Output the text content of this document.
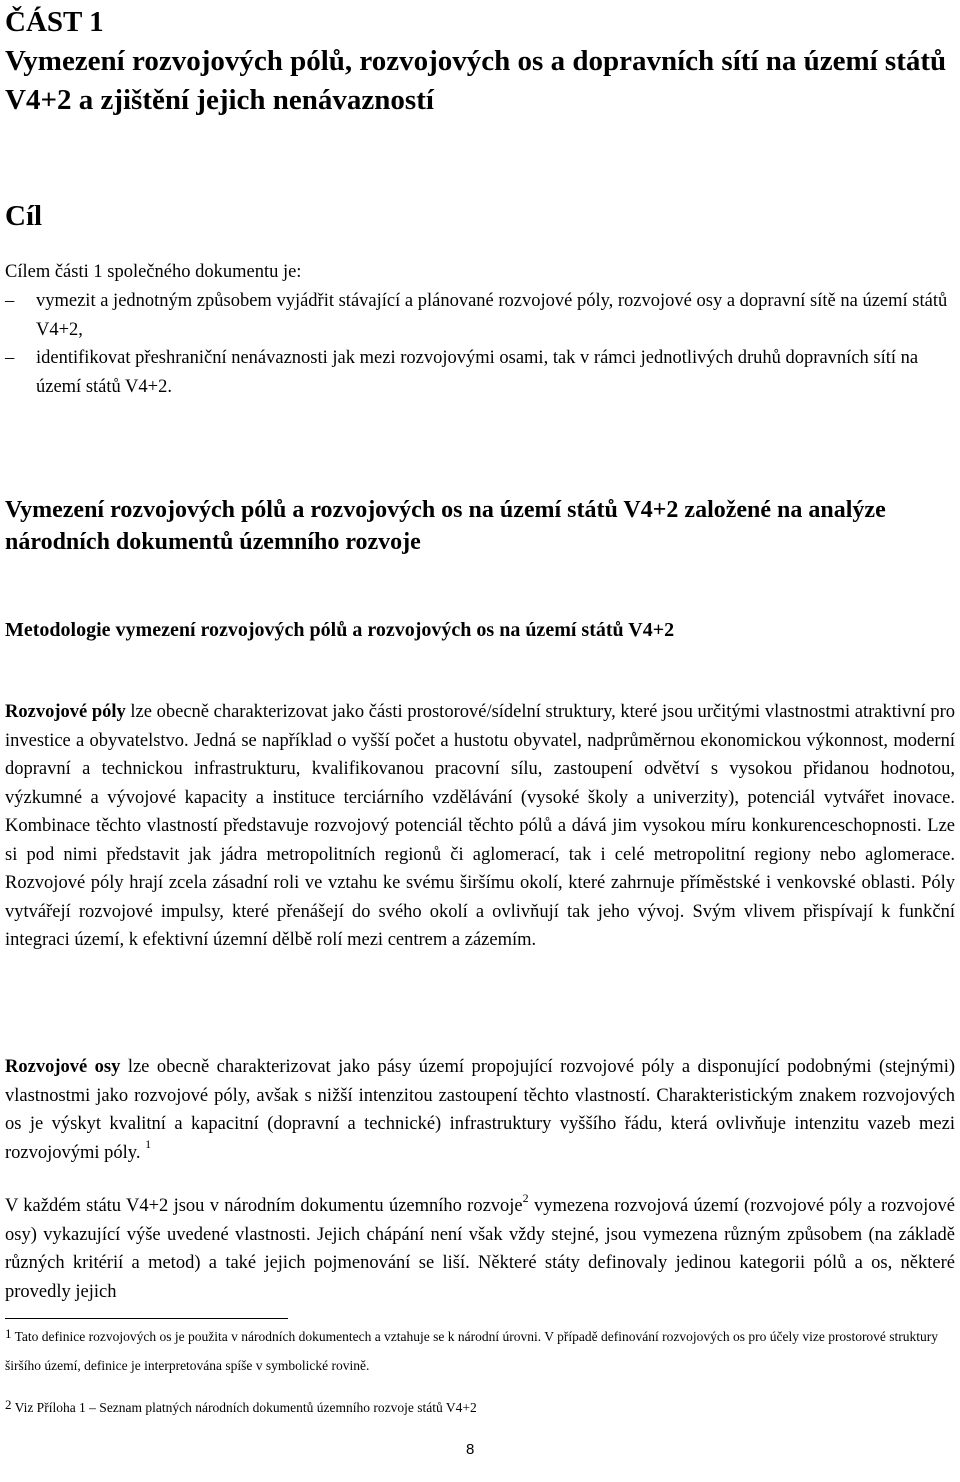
ČÁST 1
Vymezení rozvojových pólů, rozvojových os a dopravních sítí na území států V4+2 a zjištění jejich nenávazností

Cíl

Cílem části 1 společného dokumentu je:

– vymezit a jednotným způsobem vyjádřit stávající a plánované rozvojové póly, rozvojové osy a dopravní sítě na území států V4+2,
– identifikovat přeshraniční nenávaznosti jak mezi rozvojovými osami, tak v rámci jednotlivých druhů dopravních sítí na území států V4+2.
Vymezení rozvojových pólů a rozvojových os na území států V4+2 založené na analýze národních dokumentů územního rozvoje
Metodologie vymezení rozvojových pólů a rozvojových os na území států V4+2

Rozvojové póly lze obecně charakterizovat jako části prostorové/sídelní struktury, které jsou určitými vlastnostmi atraktivní pro investice a obyvatelstvo. Jedná se například o vyšší počet a hustotu obyvatel, nadprůměrnou ekonomickou výkonnost, moderní dopravní a technickou infrastrukturu, kvalifikovanou pracovní sílu, zastoupení odvětví s vysokou přidanou hodnotou, výzkumné a vývojové kapacity a instituce terciárního vzdělávání (vysoké školy a univerzity), potenciál vytvářet inovace. Kombinace těchto vlastností představuje rozvojový potenciál těchto pólů a dává jim vysokou míru konkurenceschopnosti. Lze si pod nimi představit jak jádra metropolitních regionů či aglomerací, tak i celé metropolitní regiony nebo aglomerace. Rozvojové póly hrají zcela zásadní roli ve vztahu ke svému širšímu okolí, které zahrnuje příměstské i venkovské oblasti. Póly vytvářejí rozvojové impulsy, které přenášejí do svého okolí a ovlivňují tak jeho vývoj. Svým vlivem přispívají k funkční integraci území, k efektivní územní dělbě rolí mezi centrem a zázemím.

Rozvojové osy lze obecně charakterizovat jako pásy území propojující rozvojové póly a disponující podobnými (stejnými) vlastnostmi jako rozvojové póly, avšak s nižší intenzitou zastoupení těchto vlastností. Charakteristickým znakem rozvojových os je výskyt kvalitní a kapacitní (dopravní a technické) infrastruktury vyššího řádu, která ovlivňuje intenzitu vazeb mezi rozvojovými póly. $^1$

V každém státu V4+2 jsou v národním dokumentu územního rozvoje$^2$ vymezena rozvojová území (rozvojové póly a rozvojové osy) vykazující výše uvedené vlastnosti. Jejich chápání není však vždy stejné, jsou vymezena různým způsobem (na základě různých kritérií a metod) a také jejich pojmenování se liší. Některé státy definovaly jedinou kategorii pólů a os, některé provedly jejich

1 Tato definice rozvojových os je použita v národních dokumentech a vztahuje se k národní úrovni. V případě definování rozvojových os pro účely vize prostorové struktury širšího území, definice je interpretována spíše v symbolické rovině.

2 Viz Příloha 1 – Seznam platných národních dokumentů územního rozvoje států V4+2

8
